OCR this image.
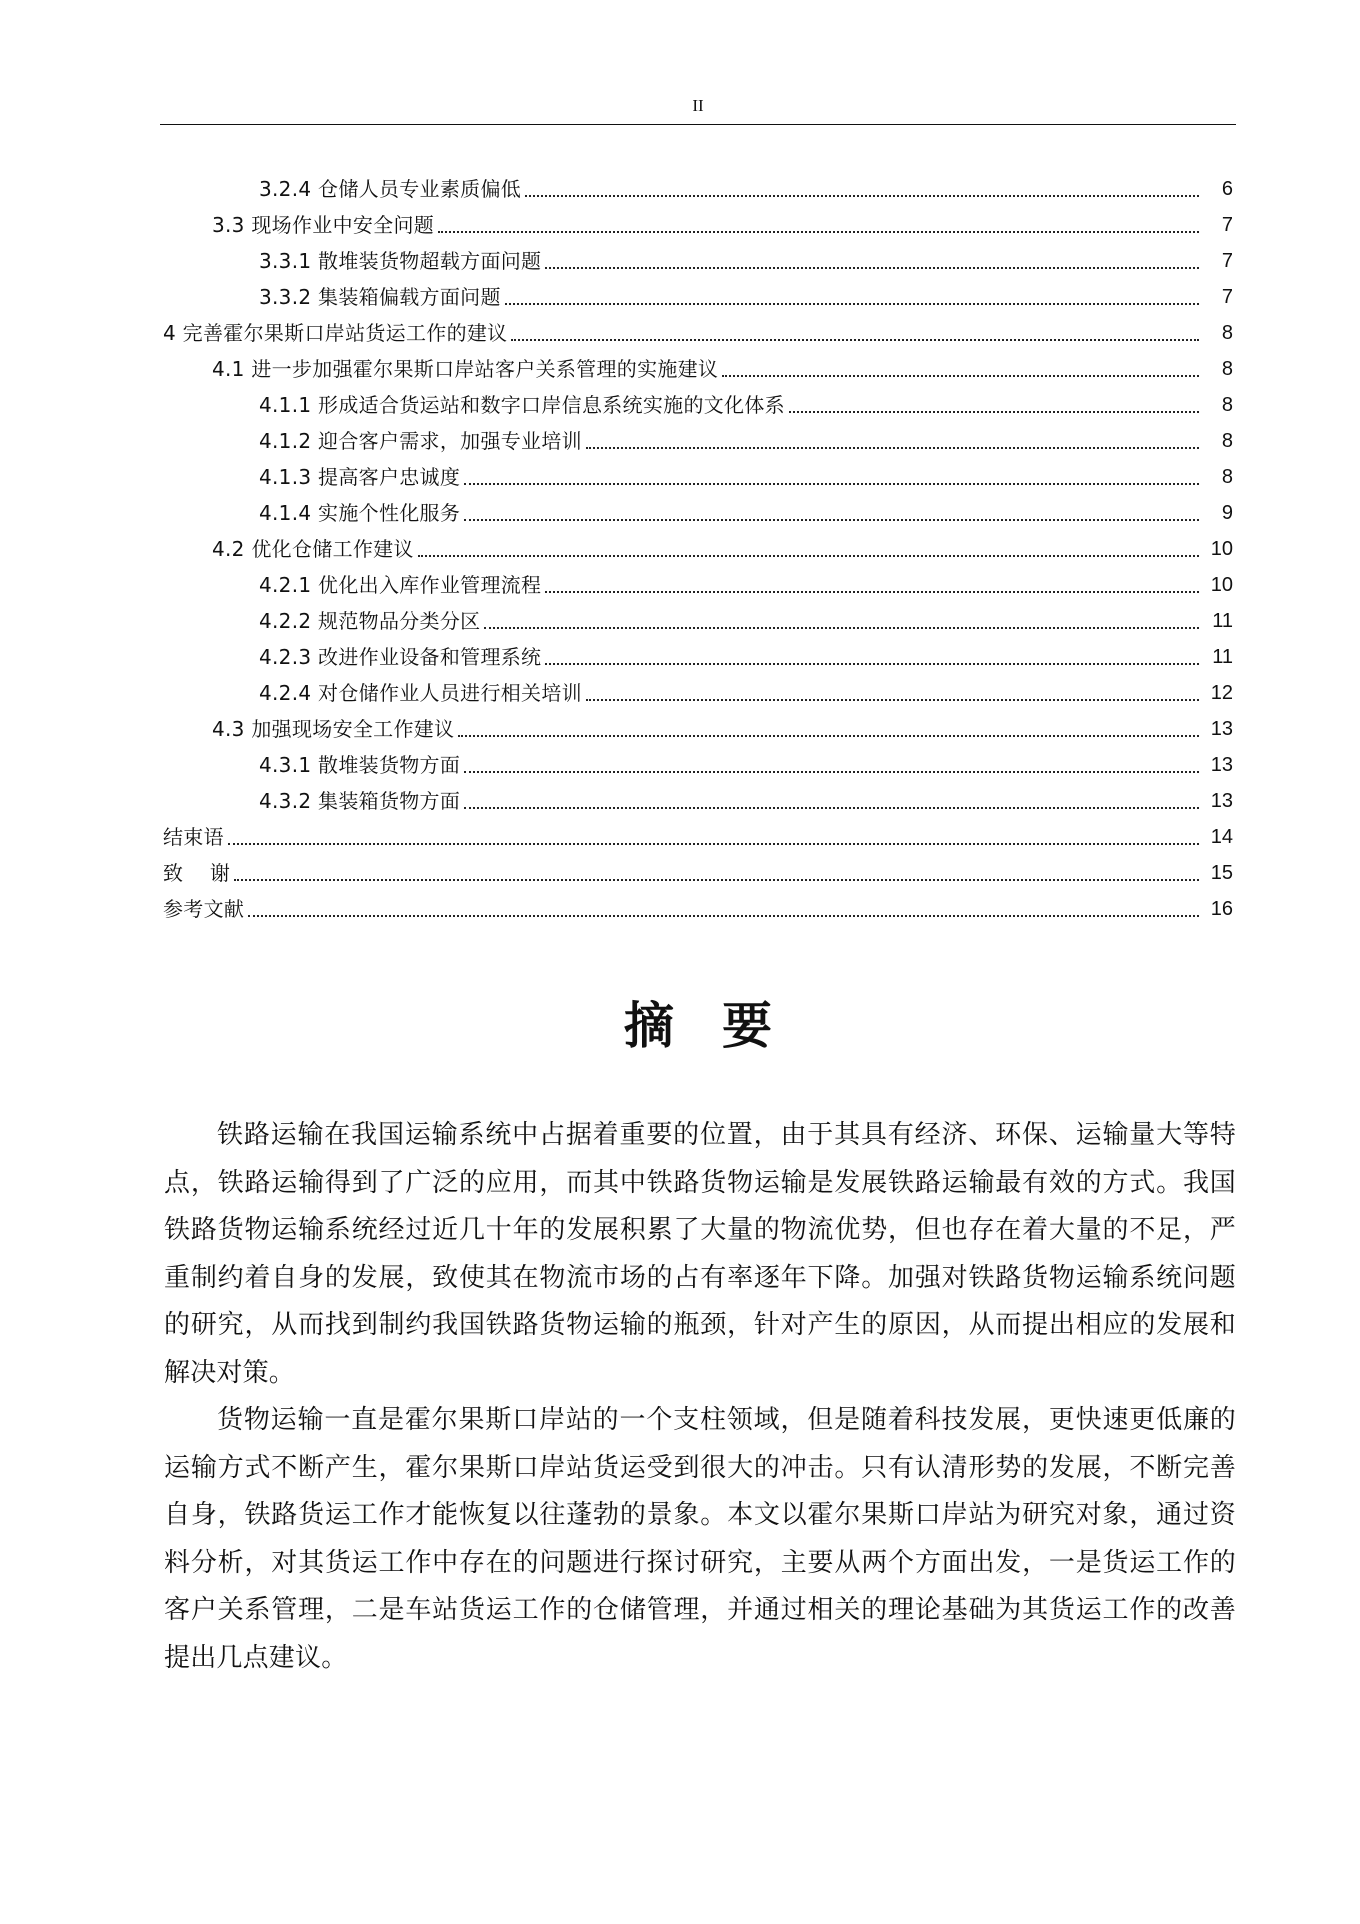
II
3.2.4 仓储人员专业素质偏低	6
3.3 现场作业中安全问题	7
3.3.1 散堆装货物超载方面问题	7
3.3.2 集装箱偏载方面问题	7
4 完善霍尔果斯口岸站货运工作的建议	8
4.1 进一步加强霍尔果斯口岸站客户关系管理的实施建议	8
4.1.1 形成适合货运站和数字口岸信息系统实施的文化体系	8
4.1.2 迎合客户需求，加强专业培训	8
4.1.3 提高客户忠诚度	8
4.1.4 实施个性化服务	9
4.2 优化仓储工作建议	10
4.2.1 优化出入库作业管理流程	10
4.2.2 规范物品分类分区	11
4.2.3 改进作业设备和管理系统	11
4.2.4 对仓储作业人员进行相关培训	12
4.3 加强现场安全工作建议	13
4.3.1 散堆装货物方面	13
4.3.2 集装箱货物方面	13
结束语	14
致    谢	15
参考文献	16
摘要

铁路运输在我国运输系统中占据着重要的位置，由于其具有经济、环保、运输量大等特点，铁路运输得到了广泛的应用，而其中铁路货物运输是发展铁路运输最有效的方式。我国铁路货物运输系统经过近几十年的发展积累了大量的物流优势，但也存在着大量的不足，严重制约着自身的发展，致使其在物流市场的占有率逐年下降。加强对铁路货物运输系统问题的研究，从而找到制约我国铁路货物运输的瓶颈，针对产生的原因，从而提出相应的发展和解决对策。

货物运输一直是霍尔果斯口岸站的一个支柱领域，但是随着科技发展，更快速更低廉的运输方式不断产生，霍尔果斯口岸站货运受到很大的冲击。只有认清形势的发展，不断完善自身，铁路货运工作才能恢复以往蓬勃的景象。本文以霍尔果斯口岸站为研究对象，通过资料分析，对其货运工作中存在的问题进行探讨研究，主要从两个方面出发，一是货运工作的客户关系管理，二是车站货运工作的仓储管理，并通过相关的理论基础为其货运工作的改善提出几点建议。
